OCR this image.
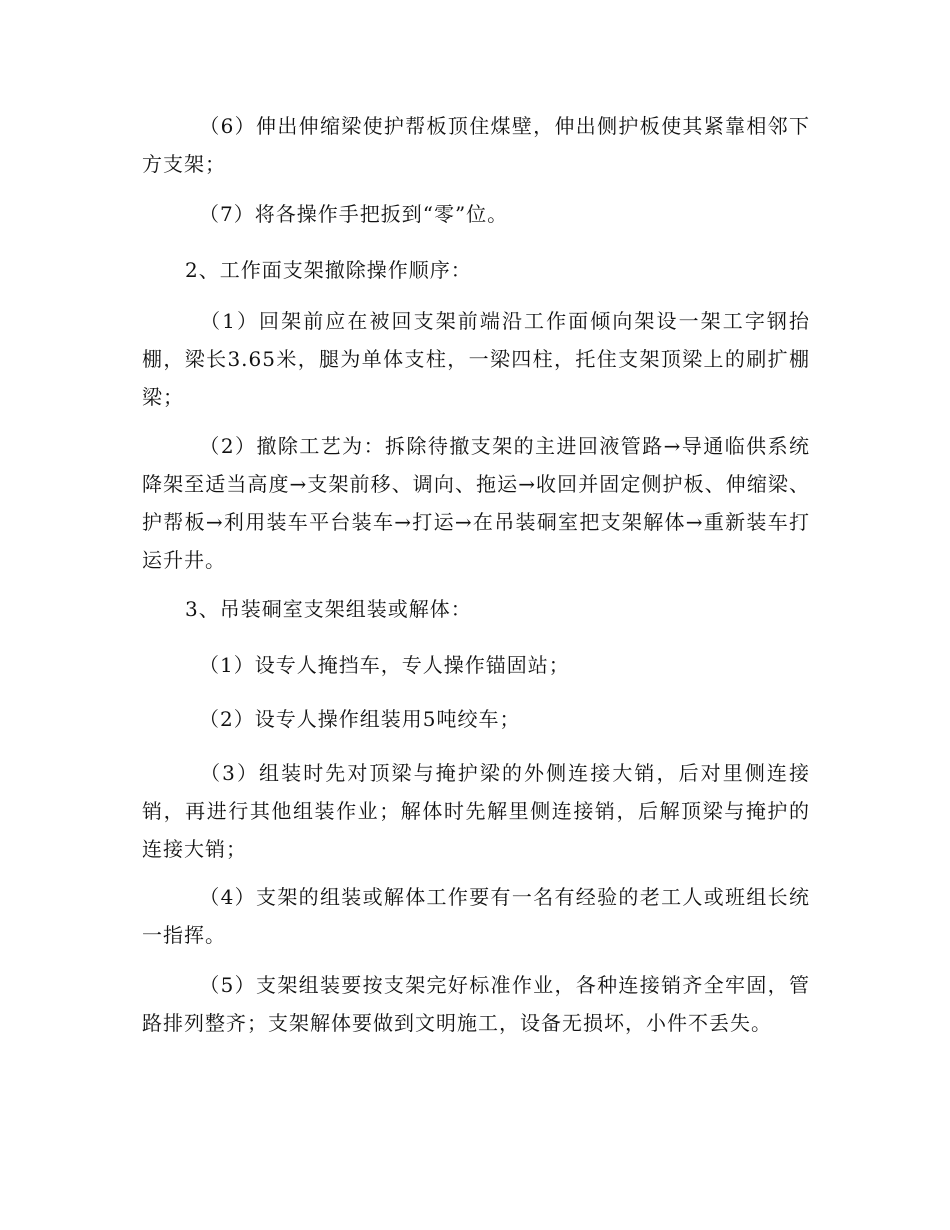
（6）伸出伸缩梁使护帮板顶住煤壁，伸出侧护板使其紧靠相邻下方支架；

（7）将各操作手把扳到“零”位。

2、工作面支架撤除操作顺序：

（1）回架前应在被回支架前端沿工作面倾向架设一架工字钢抬棚，梁长3.65米，腿为单体支柱，一梁四柱，托住支架顶梁上的刷扩棚梁；

（2）撤除工艺为：拆除待撤支架的主进回液管路→导通临供系统降架至适当高度→支架前移、调向、拖运→收回并固定侧护板、伸缩梁、护帮板→利用装车平台装车→打运→在吊装硐室把支架解体→重新装车打运升井。

3、吊装硐室支架组装或解体：

（1）设专人掩挡车，专人操作锚固站；

（2）设专人操作组装用5吨绞车；

（3）组装时先对顶梁与掩护梁的外侧连接大销，后对里侧连接销，再进行其他组装作业；解体时先解里侧连接销，后解顶梁与掩护的连接大销；

（4）支架的组装或解体工作要有一名有经验的老工人或班组长统一指挥。

（5）支架组装要按支架完好标准作业，各种连接销齐全牢固，管路排列整齐；支架解体要做到文明施工，设备无损坏，小件不丢失。
